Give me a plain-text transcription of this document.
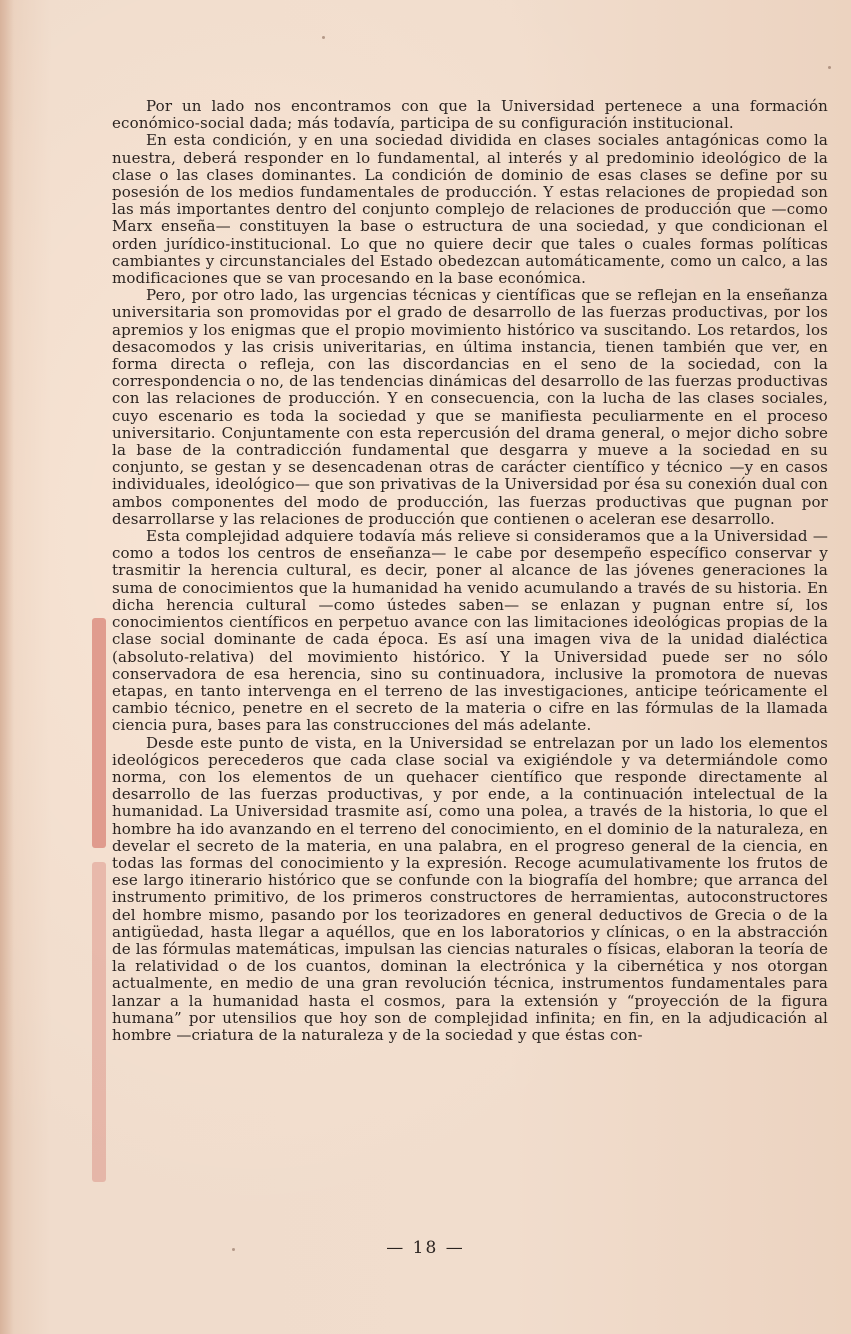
Por un lado nos encontramos con que la Universidad pertenece a una formación económico-social dada; más todavía, participa de su configuración institucional.

En esta condición, y en una sociedad dividida en clases sociales antagónicas como la nuestra, deberá responder en lo fundamental, al interés y al predominio ideológico de la clase o las clases dominantes. La condición de dominio de esas clases se define por su posesión de los medios fundamentales de producción. Y estas relaciones de propiedad son las más importantes dentro del conjunto complejo de relaciones de producción que —como Marx enseña— constituyen la base o estructura de una sociedad, y que condicionan el orden jurídico-institucional. Lo que no quiere decir que tales o cuales formas políticas cambiantes y circunstanciales del Estado obedezcan automáticamente, como un calco, a las modificaciones que se van procesando en la base económica.

Pero, por otro lado, las urgencias técnicas y científicas que se reflejan en la enseñanza universitaria son promovidas por el grado de desarrollo de las fuerzas productivas, por los apremios y los enigmas que el propio movimiento histórico va suscitando. Los retardos, los desacomodos y las crisis univeritarias, en última instancia, tienen también que ver, en forma directa o refleja, con las discordancias en el seno de la sociedad, con la correspondencia o no, de las tendencias dinámicas del desarrollo de las fuerzas productivas con las relaciones de producción. Y en consecuencia, con la lucha de las clases sociales, cuyo escenario es toda la sociedad y que se manifiesta peculiarmente en el proceso universitario. Conjuntamente con esta repercusión del drama general, o mejor dicho sobre la base de la contradicción fundamental que desgarra y mueve a la sociedad en su conjunto, se gestan y se desencadenan otras de carácter científico y técnico —y en casos individuales, ideológico— que son privativas de la Universidad por ésa su conexión dual con ambos componentes del modo de producción, las fuerzas productivas que pugnan por desarrollarse y las relaciones de producción que contienen o aceleran ese desarrollo.

Esta complejidad adquiere todavía más relieve si consideramos que a la Universidad —como a todos los centros de enseñanza— le cabe por desempeño específico conservar y trasmitir la herencia cultural, es decir, poner al alcance de las jóvenes generaciones la suma de conocimientos que la humanidad ha venido acumulando a través de su historia. En dicha herencia cultural —como ústedes saben— se enlazan y pugnan entre sí, los conocimientos científicos en perpetuo avance con las limitaciones ideológicas propias de la clase social dominante de cada época. Es así una imagen viva de la unidad dialéctica (absoluto-relativa) del movimiento histórico. Y la Universidad puede ser no sólo conservadora de esa herencia, sino su continuadora, inclusive la promotora de nuevas etapas, en tanto intervenga en el terreno de las investigaciones, anticipe teóricamente el cambio técnico, penetre en el secreto de la materia o cifre en las fórmulas de la llamada ciencia pura, bases para las construcciones del más adelante.

Desde este punto de vista, en la Universidad se entrelazan por un lado los elementos ideológicos perecederos que cada clase social va exigiéndole y va determiándole como norma, con los elementos de un quehacer científico que responde directamente al desarrollo de las fuerzas productivas, y por ende, a la continuación intelectual de la humanidad. La Universidad trasmite así, como una polea, a través de la historia, lo que el hombre ha ido avanzando en el terreno del conocimiento, en el dominio de la naturaleza, en develar el secreto de la materia, en una palabra, en el progreso general de la ciencia, en todas las formas del conocimiento y la expresión. Recoge acumulativamente los frutos de ese largo itinerario histórico que se confunde con la biografía del hombre; que arranca del instrumento primitivo, de los primeros constructores de herramientas, autoconstructores del hombre mismo, pasando por los teorizadores en general deductivos de Grecia o de la antigüedad, hasta llegar a aquéllos, que en los laboratorios y clínicas, o en la abstracción de las fórmulas matemáticas, impulsan las ciencias naturales o físicas, elaboran la teoría de la relatividad o de los cuantos, dominan la electrónica y la cibernética y nos otorgan actualmente, en medio de una gran revolución técnica, instrumentos fundamentales para lanzar a la humanidad hasta el cosmos, para la extensión y “proyección de la figura humana” por utensilios que hoy son de complejidad infinita; en fin, en la adjudicación al hombre —criatura de la naturaleza y de la sociedad y que éstas con-

— 18 —
